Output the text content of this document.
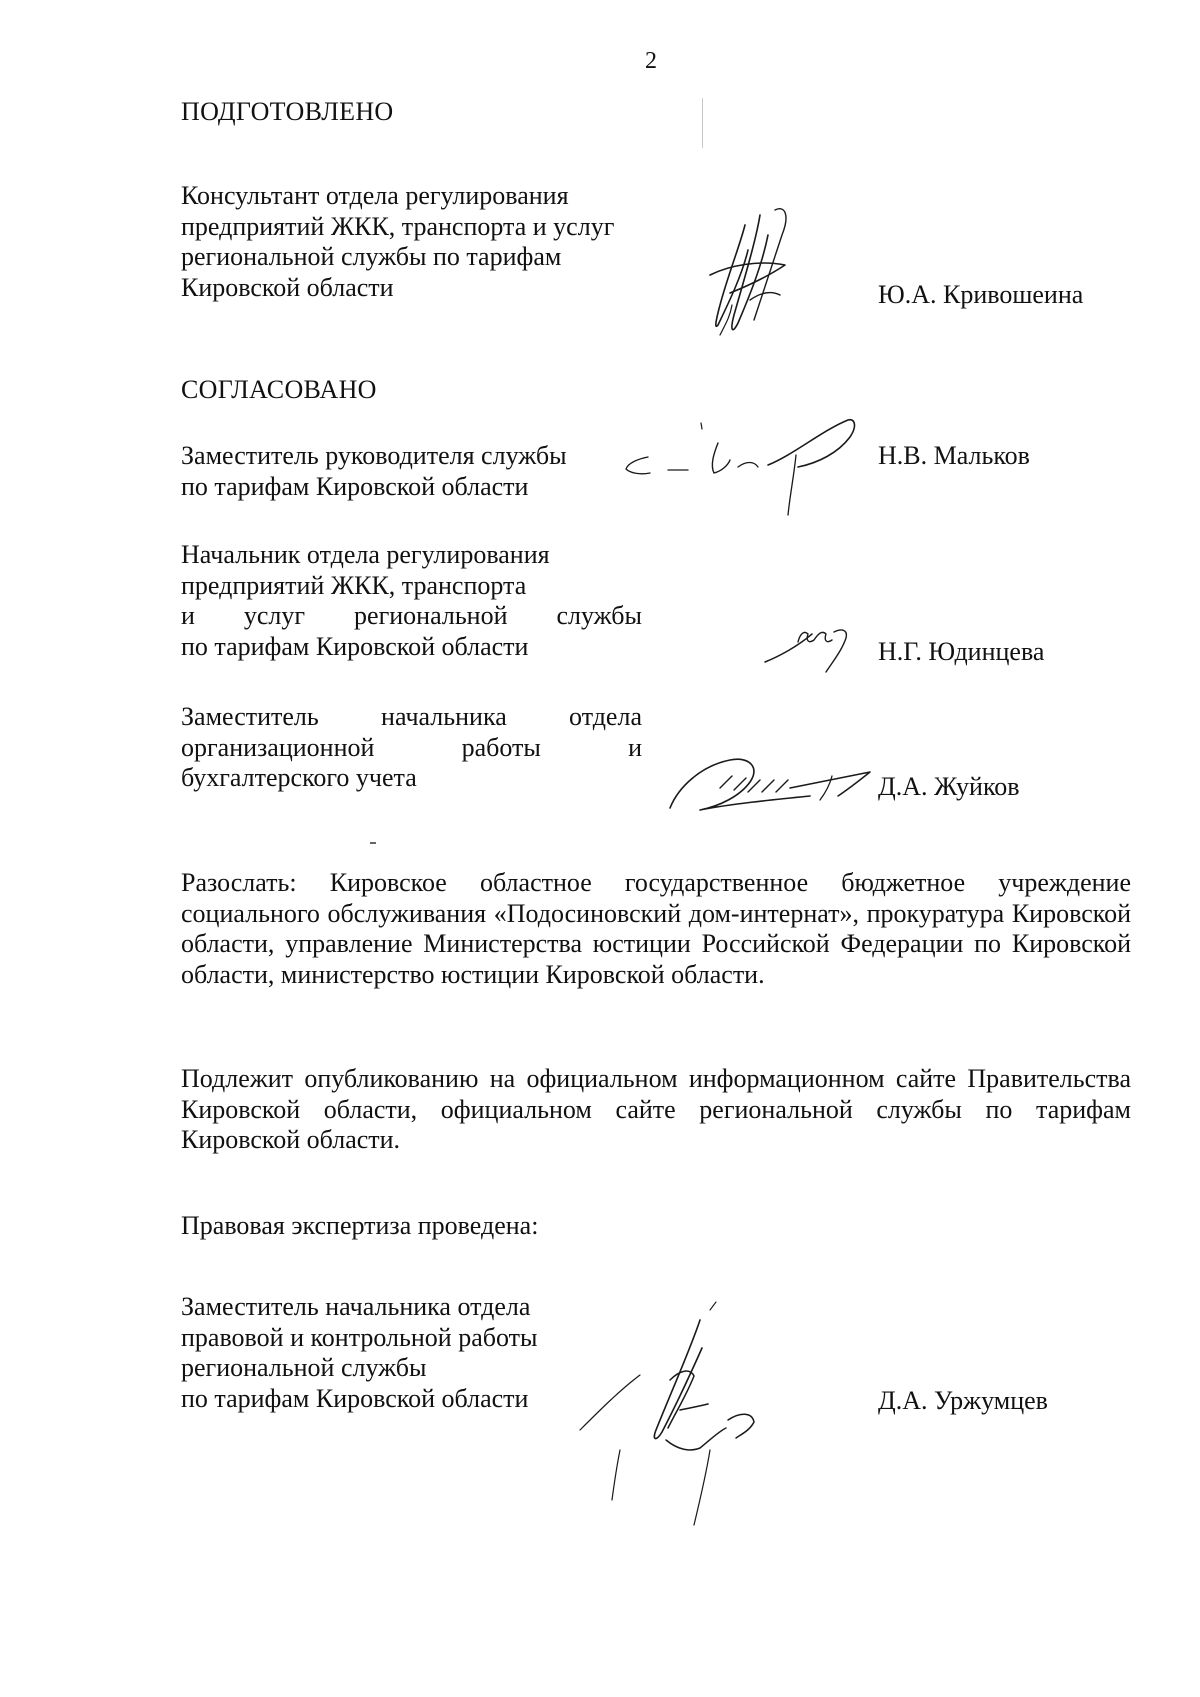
2
ПОДГОТОВЛЕНО
Консультант отдела регулирования
предприятий ЖКК, транспорта и услуг
региональной службы по тарифам
Кировской области	Ю.А. Кривошеина
СОГЛАСОВАНО
Заместитель руководителя службы
по тарифам Кировской области
Н.В. Мальков
Начальник отдела регулирования
предприятий ЖКК, транспорта
и услуг региональной службы
по тарифам Кировской области	Н.Г. Юдинцева
Заместитель начальника отдела
организационной	работы	и
бухгалтерского учета	Д.А. Жуйков
Разослать: Кировское областное государственное бюджетное учреждение социального обслуживания «Подосиновский дом-интернат», прокуратура Кировской области, управление Министерства юстиции Российской Федерации по Кировской области, министерство юстиции Кировской области.
Подлежит опубликованию на официальном информационном сайте Правительства Кировской области, официальном сайте региональной службы по тарифам Кировской области.
Правовая экспертиза проведена:
Заместитель начальника отдела
правовой и контрольной работы
региональной службы
по тарифам Кировской области	Д.А. Уржумцев
